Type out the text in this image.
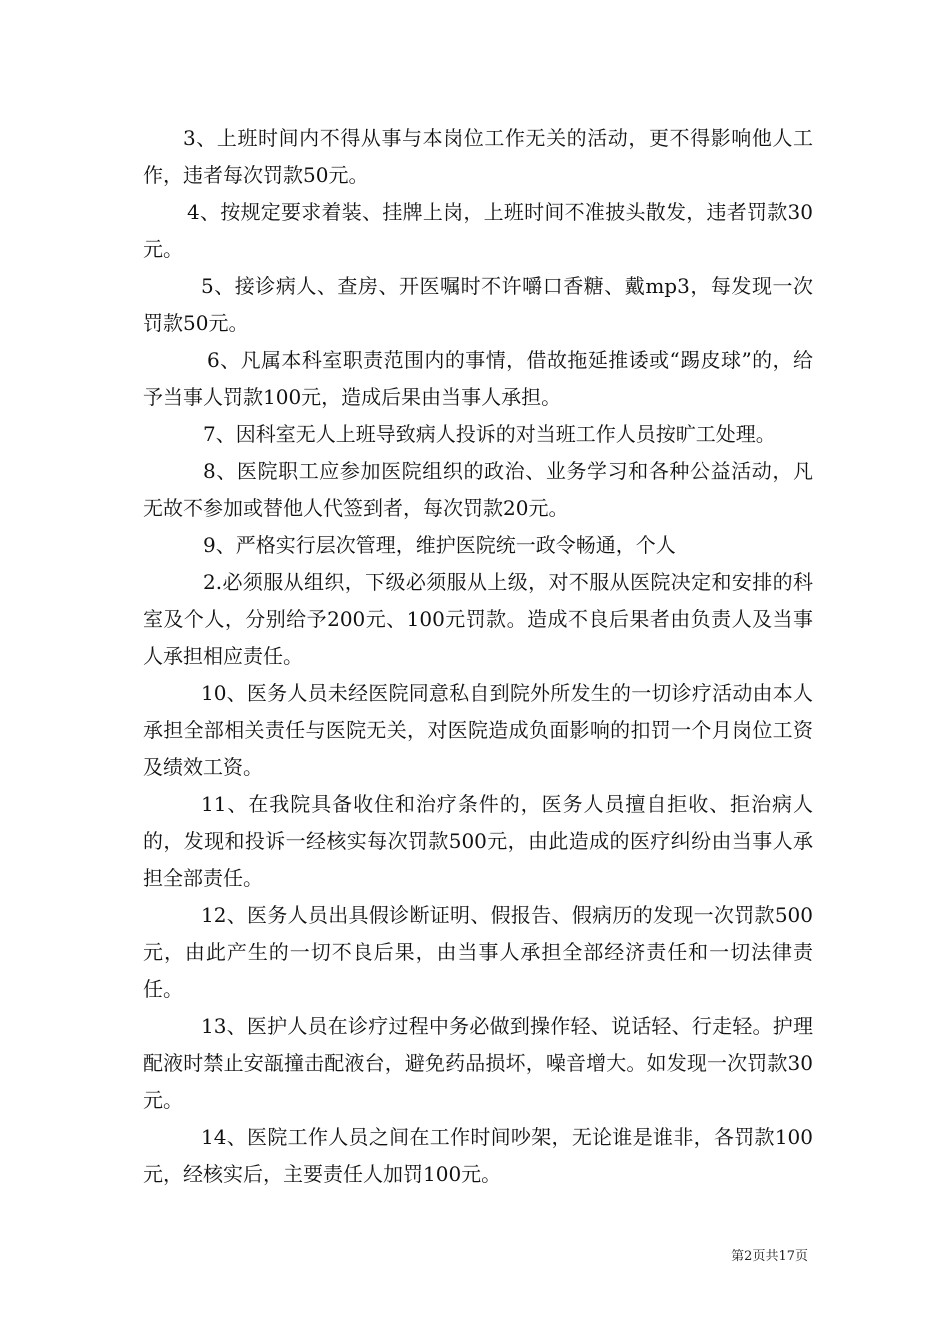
3、上班时间内不得从事与本岗位工作无关的活动，更不得影响他人工作，违者每次罚款50元。

4、按规定要求着装、挂牌上岗，上班时间不准披头散发，违者罚款30元。

5、接诊病人、查房、开医嘱时不许嚼口香糖、戴mp3，每发现一次罚款50元。

6、凡属本科室职责范围内的事情，借故拖延推诿或“踢皮球”的，给予当事人罚款100元，造成后果由当事人承担。

7、因科室无人上班导致病人投诉的对当班工作人员按旷工处理。

8、医院职工应参加医院组织的政治、业务学习和各种公益活动，凡无故不参加或替他人代签到者，每次罚款20元。

9、严格实行层次管理，维护医院统一政令畅通，个人

2.必须服从组织，下级必须服从上级，对不服从医院决定和安排的科室及个人，分别给予200元、100元罚款。造成不良后果者由负责人及当事人承担相应责任。

10、医务人员未经医院同意私自到院外所发生的一切诊疗活动由本人承担全部相关责任与医院无关，对医院造成负面影响的扣罚一个月岗位工资及绩效工资。

11、在我院具备收住和治疗条件的，医务人员擅自拒收、拒治病人的，发现和投诉一经核实每次罚款500元，由此造成的医疗纠纷由当事人承担全部责任。

12、医务人员出具假诊断证明、假报告、假病历的发现一次罚款500元，由此产生的一切不良后果，由当事人承担全部经济责任和一切法律责任。

13、医护人员在诊疗过程中务必做到操作轻、说话轻、行走轻。护理配液时禁止安瓿撞击配液台，避免药品损坏，噪音增大。如发现一次罚款30元。

14、医院工作人员之间在工作时间吵架，无论谁是谁非，各罚款100元，经核实后，主要责任人加罚100元。

第2页共17页
